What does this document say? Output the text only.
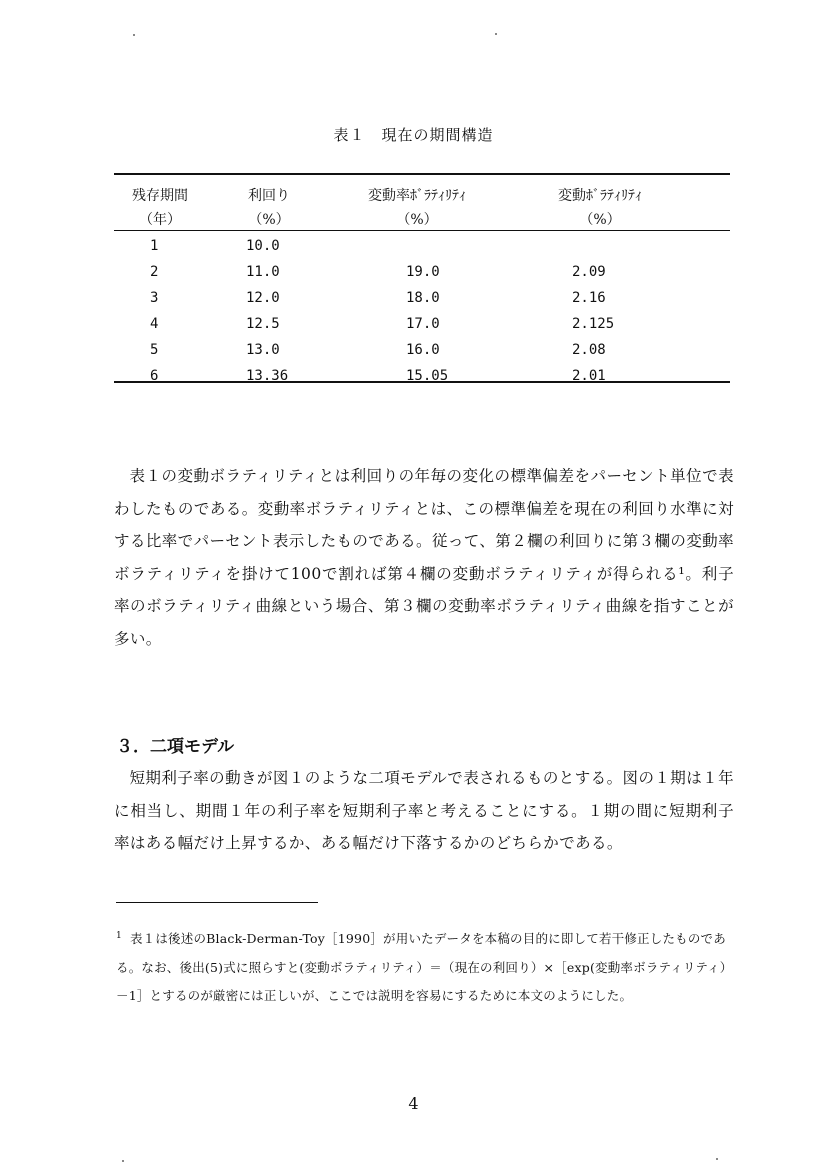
表１　現在の期間構造
残存期間
（年）
利回り
（%）
変動率ﾎﾞﾗﾃｨﾘﾃｨ
（%）
変動ﾎﾞﾗﾃｨﾘﾃｨ
（%）
1
2
3
4
5
6
10.0
11.0
12.0
12.5
13.0
13.36
19.0
18.0
17.0
16.0
15.05
2.09
2.16
2.125
2.08
2.01
表１の変動ボラティリティとは利回りの年毎の変化の標準偏差をパーセント単位で表わしたものである。変動率ボラティリティとは、この標準偏差を現在の利回り水準に対する比率でパーセント表示したものである。従って、第２欄の利回りに第３欄の変動率ボラティリティを掛けて100で割れば第４欄の変動ボラティリティが得られる¹。利子率のボラティリティ曲線という場合、第３欄の変動率ボラティリティ曲線を指すことが多い。
３．二項モデル
短期利子率の動きが図１のような二項モデルで表されるものとする。図の１期は１年に相当し、期間１年の利子率を短期利子率と考えることにする。１期の間に短期利子率はある幅だけ上昇するか、ある幅だけ下落するかのどちらかである。
$^1$ 表１は後述のBlack-Derman-Toy［1990］が用いたデータを本稿の目的に即して若干修正したものである。なお、後出(5)式に照らすと(変動ボラティリティ）＝（現在の利回り）×［exp(変動率ボラティリティ）－1］とするのが厳密には正しいが、ここでは説明を容易にするために本文のようにした。
4
